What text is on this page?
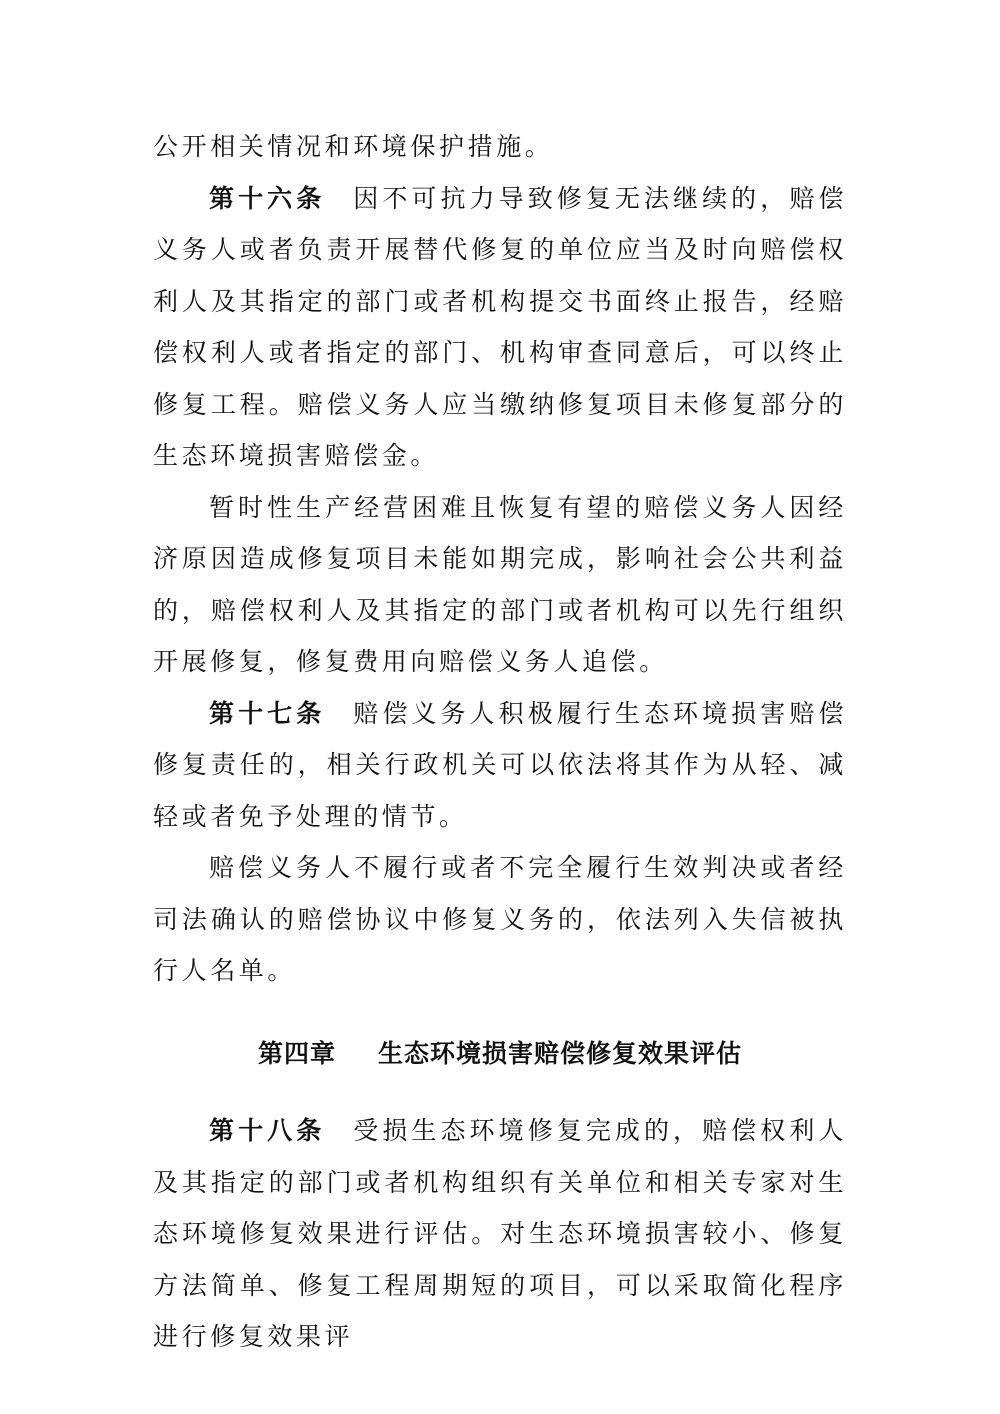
公开相关情况和环境保护措施。

第十六条 因不可抗力导致修复无法继续的，赔偿义务人或者负责开展替代修复的单位应当及时向赔偿权利人及其指定的部门或者机构提交书面终止报告，经赔偿权利人或者指定的部门、机构审查同意后，可以终止修复工程。赔偿义务人应当缴纳修复项目未修复部分的生态环境损害赔偿金。

暂时性生产经营困难且恢复有望的赔偿义务人因经济原因造成修复项目未能如期完成，影响社会公共利益的，赔偿权利人及其指定的部门或者机构可以先行组织开展修复，修复费用向赔偿义务人追偿。

第十七条 赔偿义务人积极履行生态环境损害赔偿修复责任的，相关行政机关可以依法将其作为从轻、减轻或者免予处理的情节。

赔偿义务人不履行或者不完全履行生效判决或者经司法确认的赔偿协议中修复义务的，依法列入失信被执行人名单。

第四章 生态环境损害赔偿修复效果评估

第十八条 受损生态环境修复完成的，赔偿权利人及其指定的部门或者机构组织有关单位和相关专家对生态环境修复效果进行评估。对生态环境损害较小、修复方法简单、修复工程周期短的项目，可以采取简化程序进行修复效果评
